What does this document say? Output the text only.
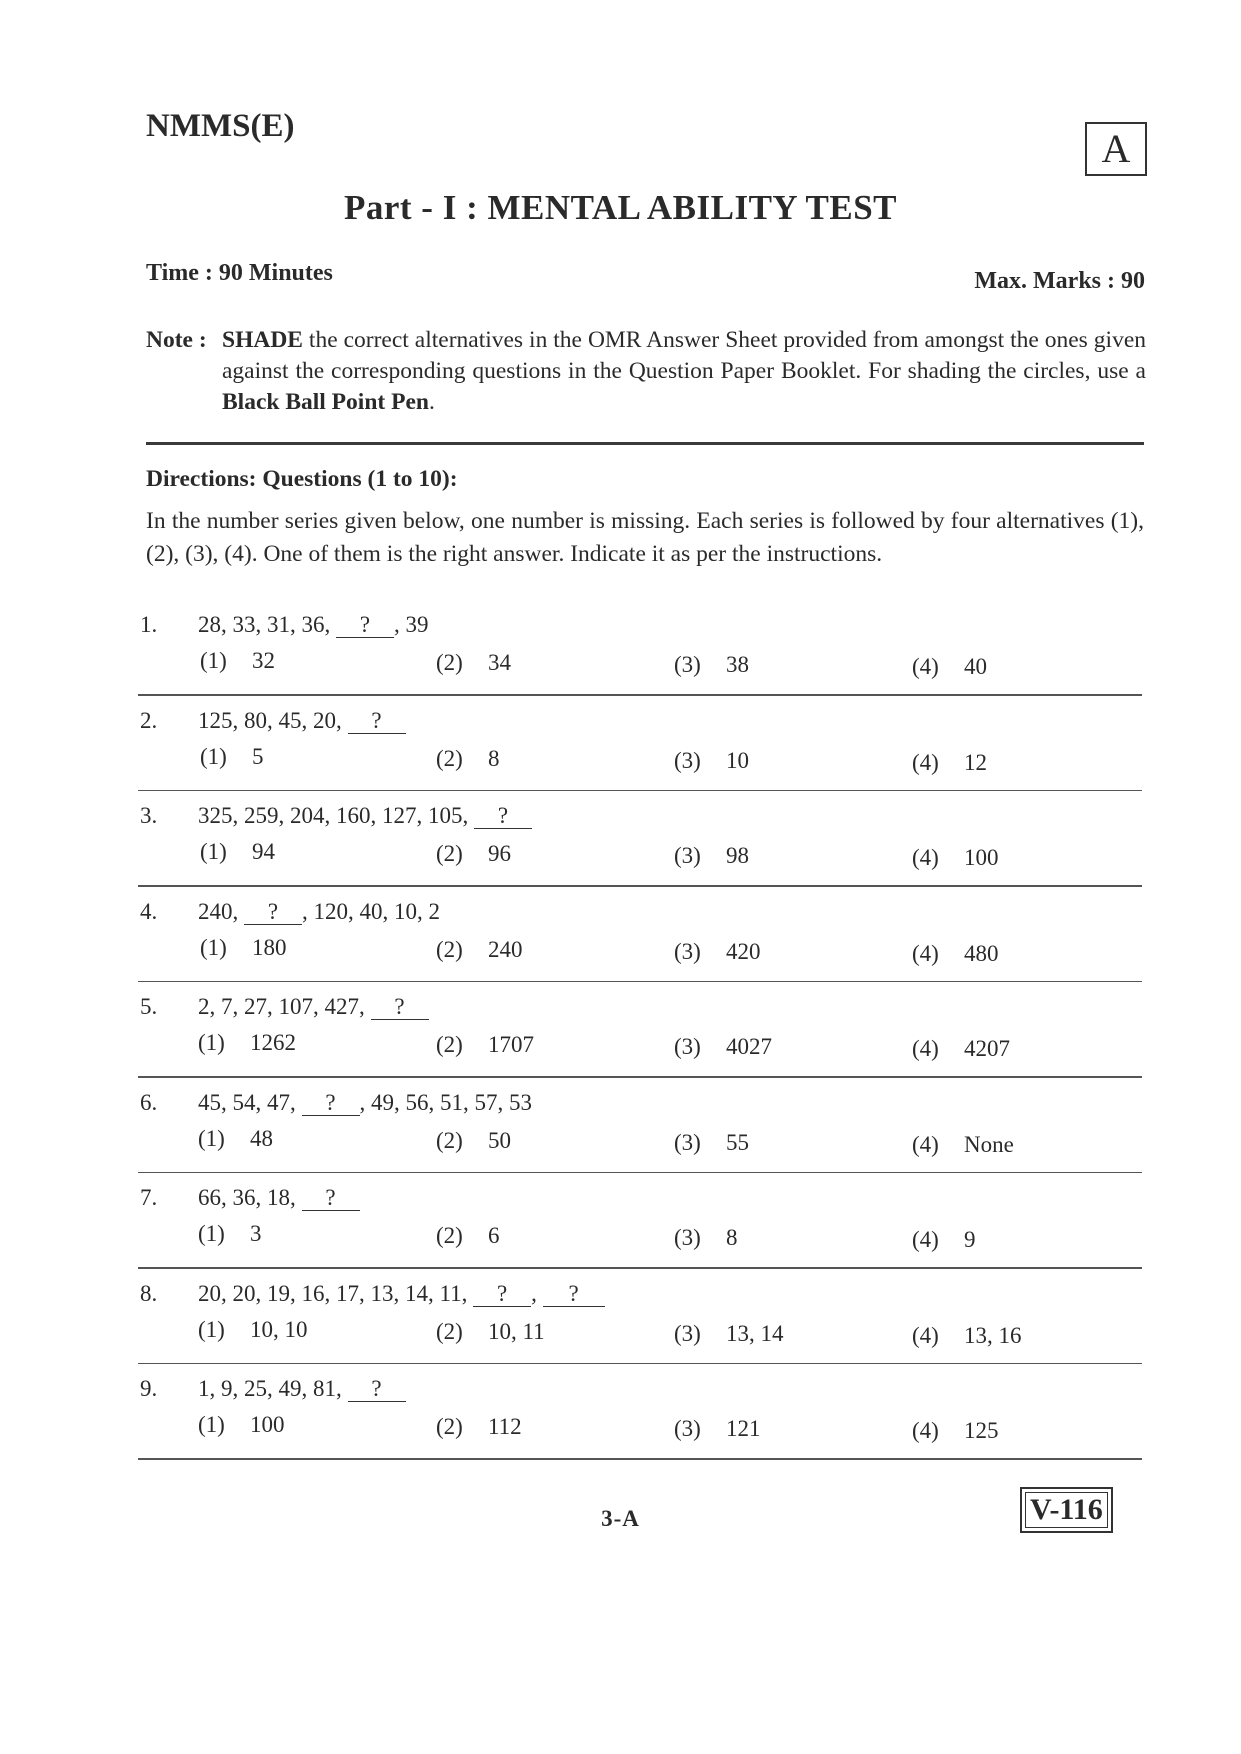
NMMS(E)	A
Part - I : MENTAL ABILITY TEST
Time : 90 Minutes	Max. Marks : 90
Note : SHADE the correct alternatives in the OMR Answer Sheet provided from amongst the ones given against the corresponding questions in the Question Paper Booklet. For shading the circles, use a Black Ball Point Pen.
Directions: Questions (1 to 10):
In the number series given below, one number is missing. Each series is followed by four alternatives (1), (2), (3), (4). One of them is the right answer. Indicate it as per the instructions.
1. 28, 33, 31, 36, ? , 39
(1) 32	(2) 34	(3) 38	(4) 40
2. 125, 80, 45, 20, ?
(1) 5	(2) 8	(3) 10	(4) 12
3. 325, 259, 204, 160, 127, 105, ?
(1) 94	(2) 96	(3) 98	(4) 100
4. 240, ? , 120, 40, 10, 2
(1) 180	(2) 240	(3) 420	(4) 480
5. 2, 7, 27, 107, 427, ?
(1) 1262	(2) 1707	(3) 4027	(4) 4207
6. 45, 54, 47, ? , 49, 56, 51, 57, 53
(1) 48	(2) 50	(3) 55	(4) None
7. 66, 36, 18, ?
(1) 3	(2) 6	(3) 8	(4) 9
8. 20, 20, 19, 16, 17, 13, 14, 11, ? , ?
(1) 10, 10	(2) 10, 11	(3) 13, 14	(4) 13, 16
9. 1, 9, 25, 49, 81, ?
(1) 100	(2) 112	(3) 121	(4) 125
3-A	V-116
